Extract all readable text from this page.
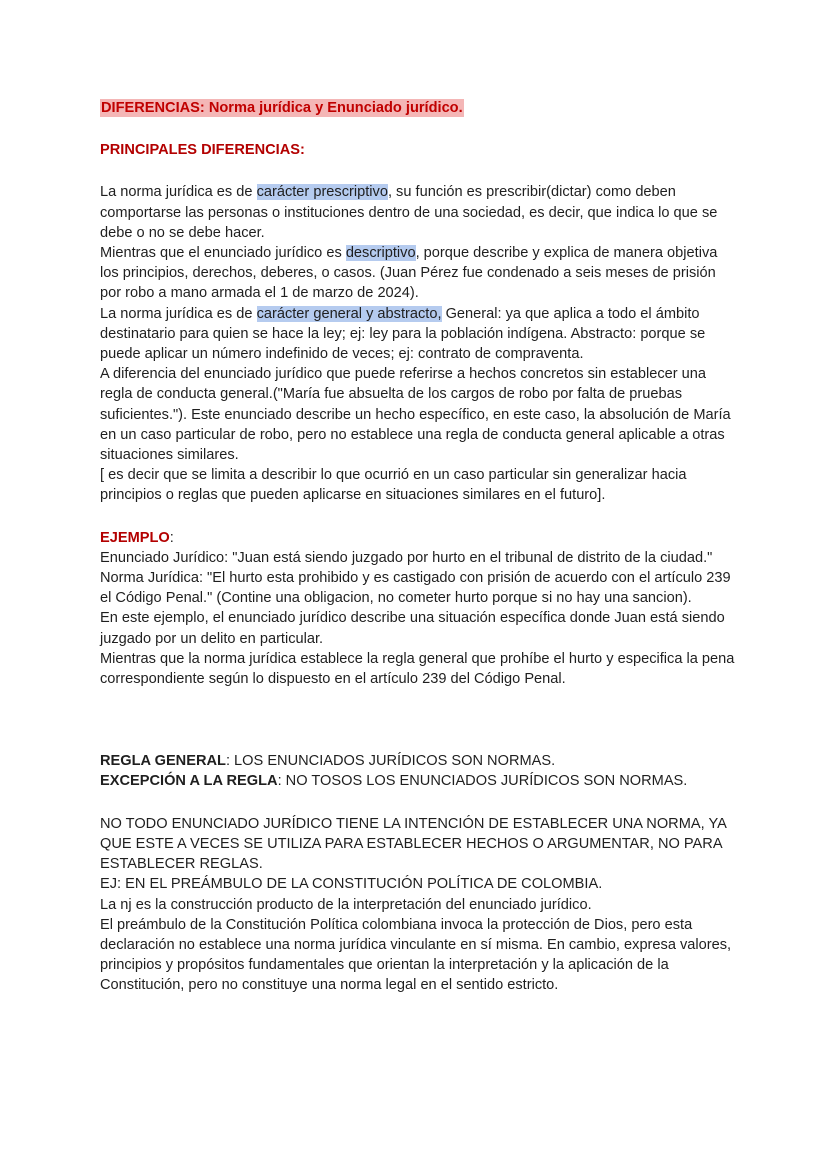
DIFERENCIAS: Norma jurídica y Enunciado jurídico.

PRINCIPALES DIFERENCIAS:

La norma jurídica es de carácter prescriptivo, su función es prescribir(dictar) como deben comportarse las personas o instituciones dentro de una sociedad, es decir, que indica lo que se debe o no se debe hacer.

Mientras que el enunciado jurídico es descriptivo, porque describe y explica de manera objetiva los principios, derechos, deberes, o casos. (Juan Pérez fue condenado a seis meses de prisión por robo a mano armada el 1 de marzo de 2024).

La norma jurídica es de carácter general y abstracto, General: ya que aplica a todo el ámbito destinatario para quien se hace la ley; ej: ley para la población indígena. Abstracto: porque se puede aplicar un número indefinido de veces; ej: contrato de compraventa.

A diferencia del enunciado jurídico que puede referirse a hechos concretos sin establecer una regla de conducta general.("María fue absuelta de los cargos de robo por falta de pruebas suficientes."). Este enunciado describe un hecho específico, en este caso, la absolución de María en un caso particular de robo, pero no establece una regla de conducta general aplicable a otras situaciones similares.

[ es decir que se limita a describir lo que ocurrió en un caso particular sin generalizar hacia principios o reglas que pueden aplicarse en situaciones similares en el futuro].

EJEMPLO:

Enunciado Jurídico: "Juan está siendo juzgado por hurto en el tribunal de distrito de la ciudad."

Norma Jurídica: "El hurto esta prohibido y es castigado con prisión de acuerdo con el artículo 239 el Código Penal." (Contine una obligacion, no cometer hurto porque si no hay una sancion).

En este ejemplo, el enunciado jurídico describe una situación específica donde Juan está siendo juzgado por un delito en particular.

Mientras que la norma jurídica establece la regla general que prohíbe el hurto y especifica la pena correspondiente según lo dispuesto en el artículo 239 del Código Penal.

REGLA GENERAL: LOS ENUNCIADOS JURÍDICOS SON NORMAS.

EXCEPCIÓN A LA REGLA: NO TOSOS LOS ENUNCIADOS JURÍDICOS SON NORMAS.

NO TODO ENUNCIADO JURÍDICO TIENE LA INTENCIÓN DE ESTABLECER UNA NORMA, YA QUE ESTE A VECES SE UTILIZA PARA ESTABLECER HECHOS O ARGUMENTAR, NO PARA ESTABLECER REGLAS.

EJ: EN EL PREÁMBULO DE LA CONSTITUCIÓN POLÍTICA DE COLOMBIA.

La nj es la construcción producto de la interpretación del enunciado jurídico.

El preámbulo de la Constitución Política colombiana invoca la protección de Dios, pero esta declaración no establece una norma jurídica vinculante en sí misma. En cambio, expresa valores, principios y propósitos fundamentales que orientan la interpretación y la aplicación de la Constitución, pero no constituye una norma legal en el sentido estricto.
